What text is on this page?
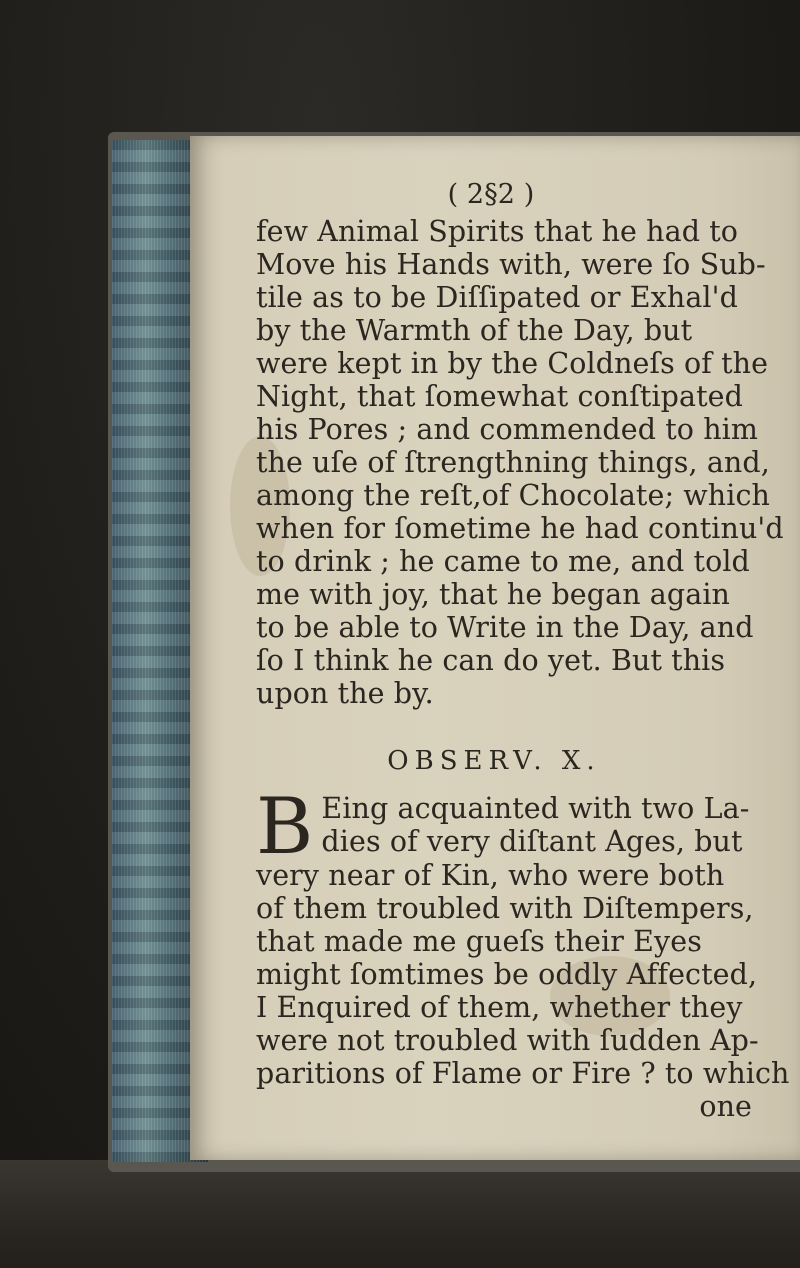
( 2§2 )
few Animal Spirits that he had to
Move his Hands with, were ſo Sub-
tile as to be Diſſipated or Exhal'd
by the Warmth of the Day, but
were kept in by the Coldneſs of the
Night, that ſomewhat conſtipated
his Pores ; and commended to him
the uſe of ſtrengthning things, and,
among the reſt,of Chocolate; which
when for ſometime he had continu'd
to drink ; he came to me, and told
me with joy, that he began again
to be able to Write in the Day, and
ſo I think he can do yet. But this
upon the by.
OBSERV. X.
B Eing acquainted with two La-
dies of very diſtant Ages, but
very near of Kin, who were both
of them troubled with Diſtempers,
that made me gueſs their Eyes
might ſomtimes be oddly Affected,
I Enquired of them, whether they
were not troubled with ſudden Ap-
paritions of Flame or Fire ? to which
one
